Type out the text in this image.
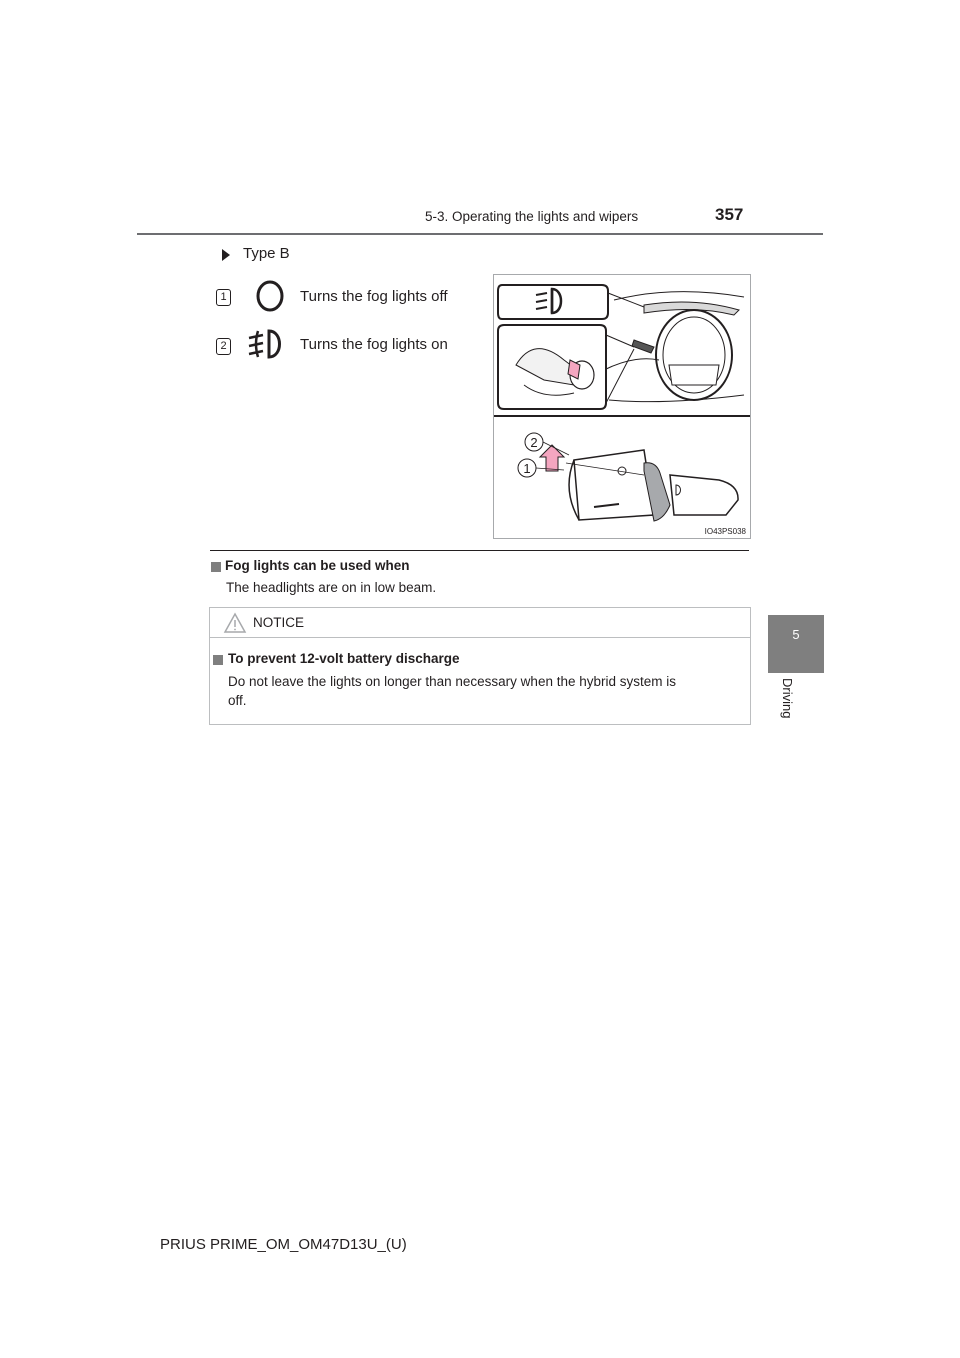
5-3. Operating the lights and wipers	357
5
Driving
Type B
1	Turns the fog lights off
2	Turns the fog lights on
2
1
IO43PS038
Fog lights can be used when
The headlights are on in low beam.
NOTICE
To prevent 12-volt battery discharge
Do not leave the lights on longer than necessary when the hybrid system is
off.
PRIUS PRIME_OM_OM47D13U_(U)
